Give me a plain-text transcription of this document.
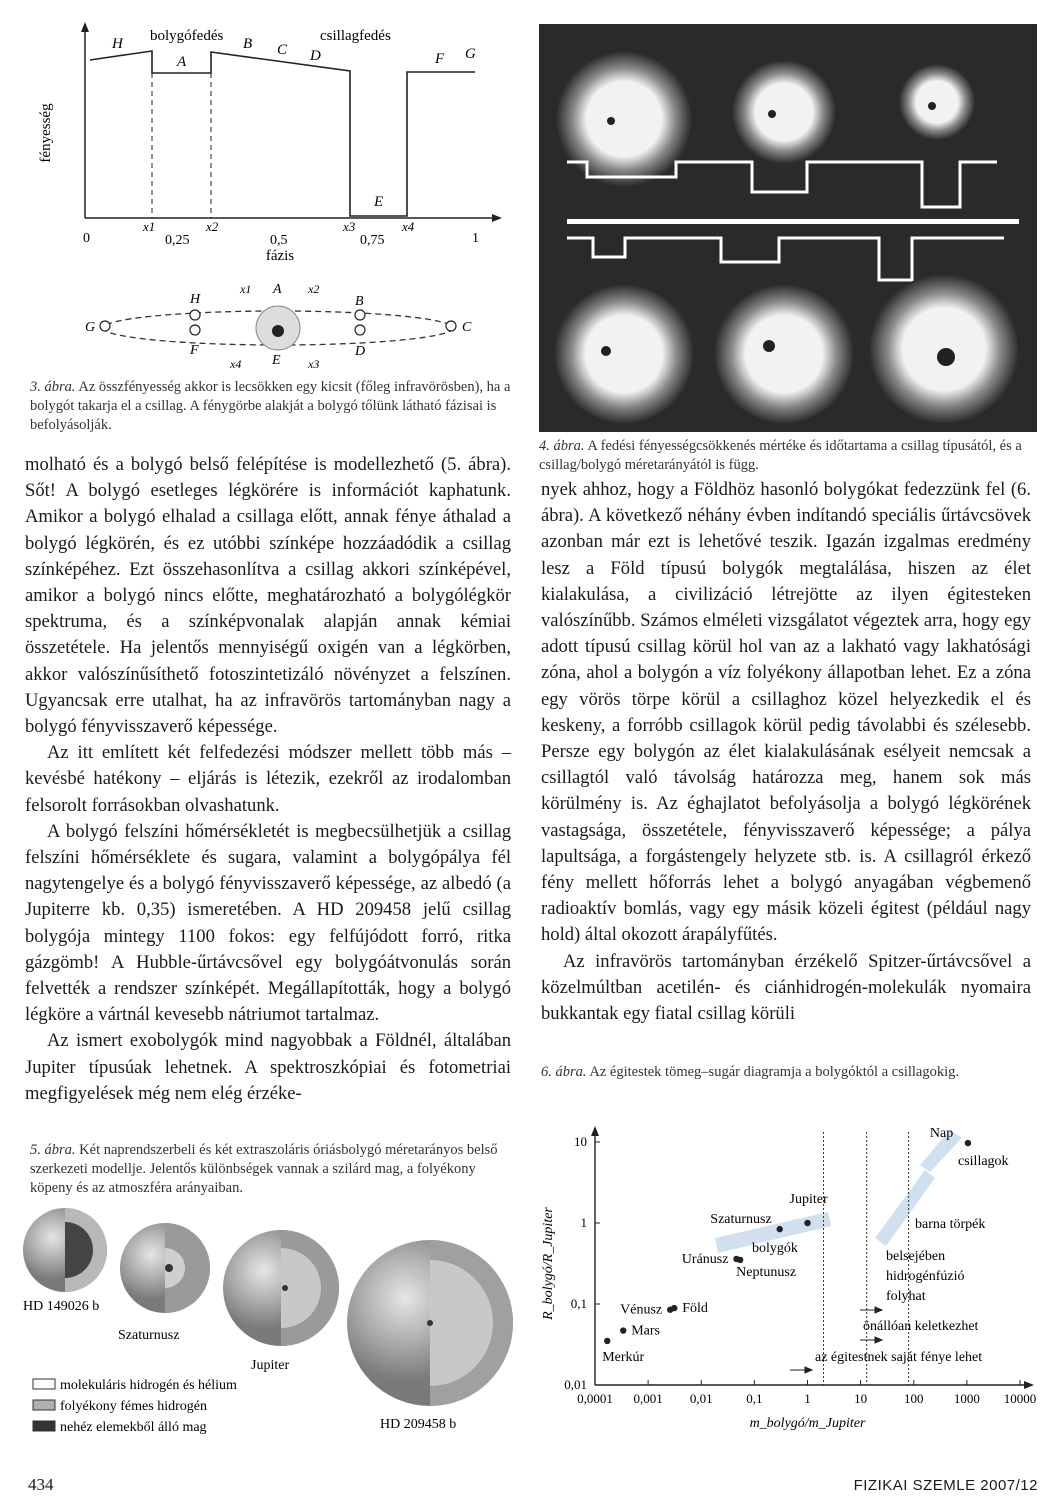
fényesség
fázis
bolygófedés	csillagfedés
H
A
B C D
E
F G
x1	x2	x3	x4
0	0,25	0,5	0,75	1
H
x1 A x2
B
G	C
F
x4 E x3
D
3. ábra. Az összfényesség akkor is lecsökken egy kicsit (főleg infravörösben), ha a bolygót takarja el a csillag. A fénygörbe alakját a bolygó tőlünk látható fázisai is befolyásolják.
4. ábra. A fedési fényességcsökkenés mértéke és időtartama a csillag típusától, és a csillag/bolygó méretarányától is függ.

molható és a bolygó belső felépítése is modellezhető (5. ábra). Sőt! A bolygó esetleges légkörére is információt kaphatunk. Amikor a bolygó elhalad a csillaga előtt, annak fénye áthalad a bolygó légkörén, és ez utóbbi színképe hozzáadódik a csillag színképéhez. Ezt összehasonlítva a csillag akkori színképével, amikor a bolygó nincs előtte, meghatározható a bolygólégkör spektruma, és a színképvonalak alapján annak kémiai összetétele. Ha jelentős mennyiségű oxigén van a légkörben, akkor valószínűsíthető fotoszintetizáló növényzet a felszínen. Ugyancsak erre utalhat, ha az infravörös tartományban nagy a bolygó fényvisszaverő képessége.

Az itt említett két felfedezési módszer mellett több más – kevésbé hatékony – eljárás is létezik, ezekről az irodalomban felsorolt forrásokban olvashatunk.

A bolygó felszíni hőmérsékletét is megbecsülhetjük a csillag felszíni hőmérséklete és sugara, valamint a bolygópálya fél nagytengelye és a bolygó fényvisszaverő képessége, az albedó (a Jupiterre kb. 0,35) ismeretében. A HD 209458 jelű csillag bolygója mintegy 1100 fokos: egy felfújódott forró, ritka gázgömb! A Hubble-űrtávcsővel egy bolygóátvonulás során felvették a rendszer színképét. Megállapították, hogy a bolygó légköre a vártnál kevesebb nátriumot tartalmaz.

Az ismert exobolygók mind nagyobbak a Földnél, általában Jupiter típusúak lehetnek. A spektroszkópiai és fotometriai megfigyelések még nem elég érzéke-

nyek ahhoz, hogy a Földhöz hasonló bolygókat fedezzünk fel (6. ábra). A következő néhány évben indítandó speciális űrtávcsövek azonban már ezt is lehetővé teszik. Igazán izgalmas eredmény lesz a Föld típusú bolygók megtalálása, hiszen az élet kialakulása, a civilizáció létrejötte az ilyen égitesteken valószínűbb. Számos elméleti vizsgálatot végeztek arra, hogy egy adott típusú csillag körül hol van az a lakható vagy lakhatósági zóna, ahol a bolygón a víz folyékony állapotban lehet. Ez a zóna egy vörös törpe körül a csillaghoz közel helyezkedik el és keskeny, a forróbb csillagok körül pedig távolabbi és szélesebb. Persze egy bolygón az élet kialakulásának esélyeit nemcsak a csillagtól való távolság határozza meg, hanem sok más körülmény is. Az éghajlatot befolyásolja a bolygó légkörének vastagsága, összetétele, fényvisszaverő képessége; a pálya lapultsága, a forgástengely helyzete stb. is. A csillagról érkező fény mellett hőforrás lehet a bolygó anyagában végbemenő radioaktív bomlás, vagy egy másik közeli égitest (például nagy hold) által okozott árapályfűtés.

Az infravörös tartományban érzékelő Spitzer-űrtávcsővel a közelmúltban acetilén- és ciánhidrogén-molekulák nyomaira bukkantak egy fiatal csillag körüli

5. ábra. Két naprendszerbeli és két extraszoláris óriásbolygó méretarányos belső szerkezeti modellje. Jelentős különbségek vannak a szilárd mag, a folyékony köpeny és az atmoszféra arányaiban.
HD 149026 b
Szaturnusz
Jupiter
HD 209458 b
molekuláris hidrogén és hélium
folyékony fémes hidrogén
nehéz elemekből álló mag
6. ábra. Az égitestek tömeg–sugár diagramja a bolygóktól a csillagokig.
0,0001 0,001 0,01	0,1	1	10	100 1000 10000
0,01
0,1
1
10
m_bolygó/m_Jupiter
R_bolygó/R_Jupiter
Merkúr
Mars
Vénusz Föld
Uránusz
Neptunusz
Szaturnusz
Jupiter
Nap
bolygók
csillagok
barna törpék
belsejében
hidrogénfúzió
folyhat
önállóan keletkezhet
az égitestnek saját fénye lehet
434	FIZIKAI SZEMLE 2007/12
